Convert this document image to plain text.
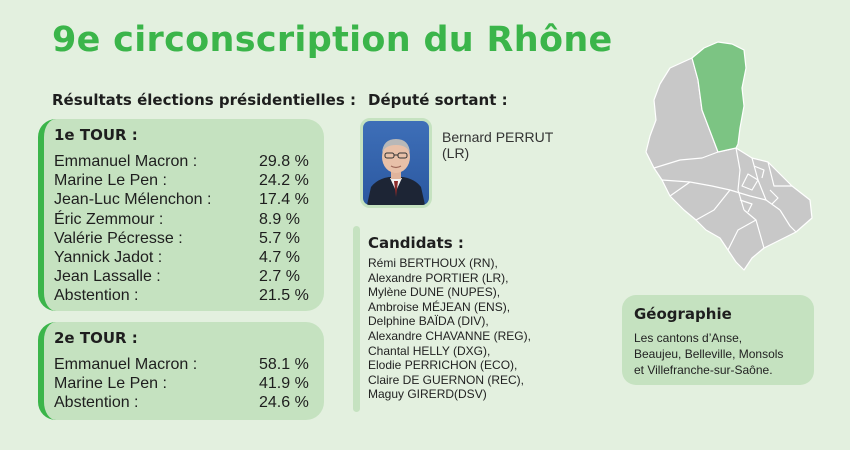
9e circonscription du Rhône
Résultats élections présidentielles :
1e TOUR :
Emmanuel Macron :	29.8 %
Marine Le Pen :	24.2 %
Jean-Luc Mélenchon :	17.4 %
Éric Zemmour :	8.9 %
Valérie Pécresse :	5.7 %
Yannick Jadot :	4.7 %
Jean Lassalle :	2.7 %
Abstention :	21.5 %
2e TOUR :
Emmanuel Macron :	58.1 %
Marine Le Pen :	41.9 %
Abstention :	24.6 %
Député sortant :
Bernard PERRUT
(LR)
Candidats :
Rémi BERTHOUX (RN),
Alexandre PORTIER (LR),
Mylène DUNE (NUPES),
Ambroise MÉJEAN (ENS),
Delphine BAÏDA (DIV),
Alexandre CHAVANNE (REG),
Chantal HELLY (DXG),
Elodie PERRICHON (ECO),
Claire DE GUERNON (REC),
Maguy GIRERD(DSV)
Géographie
Les cantons d’Anse,
Beaujeu, Belleville, Monsols
et Villefranche-sur-Saône.
